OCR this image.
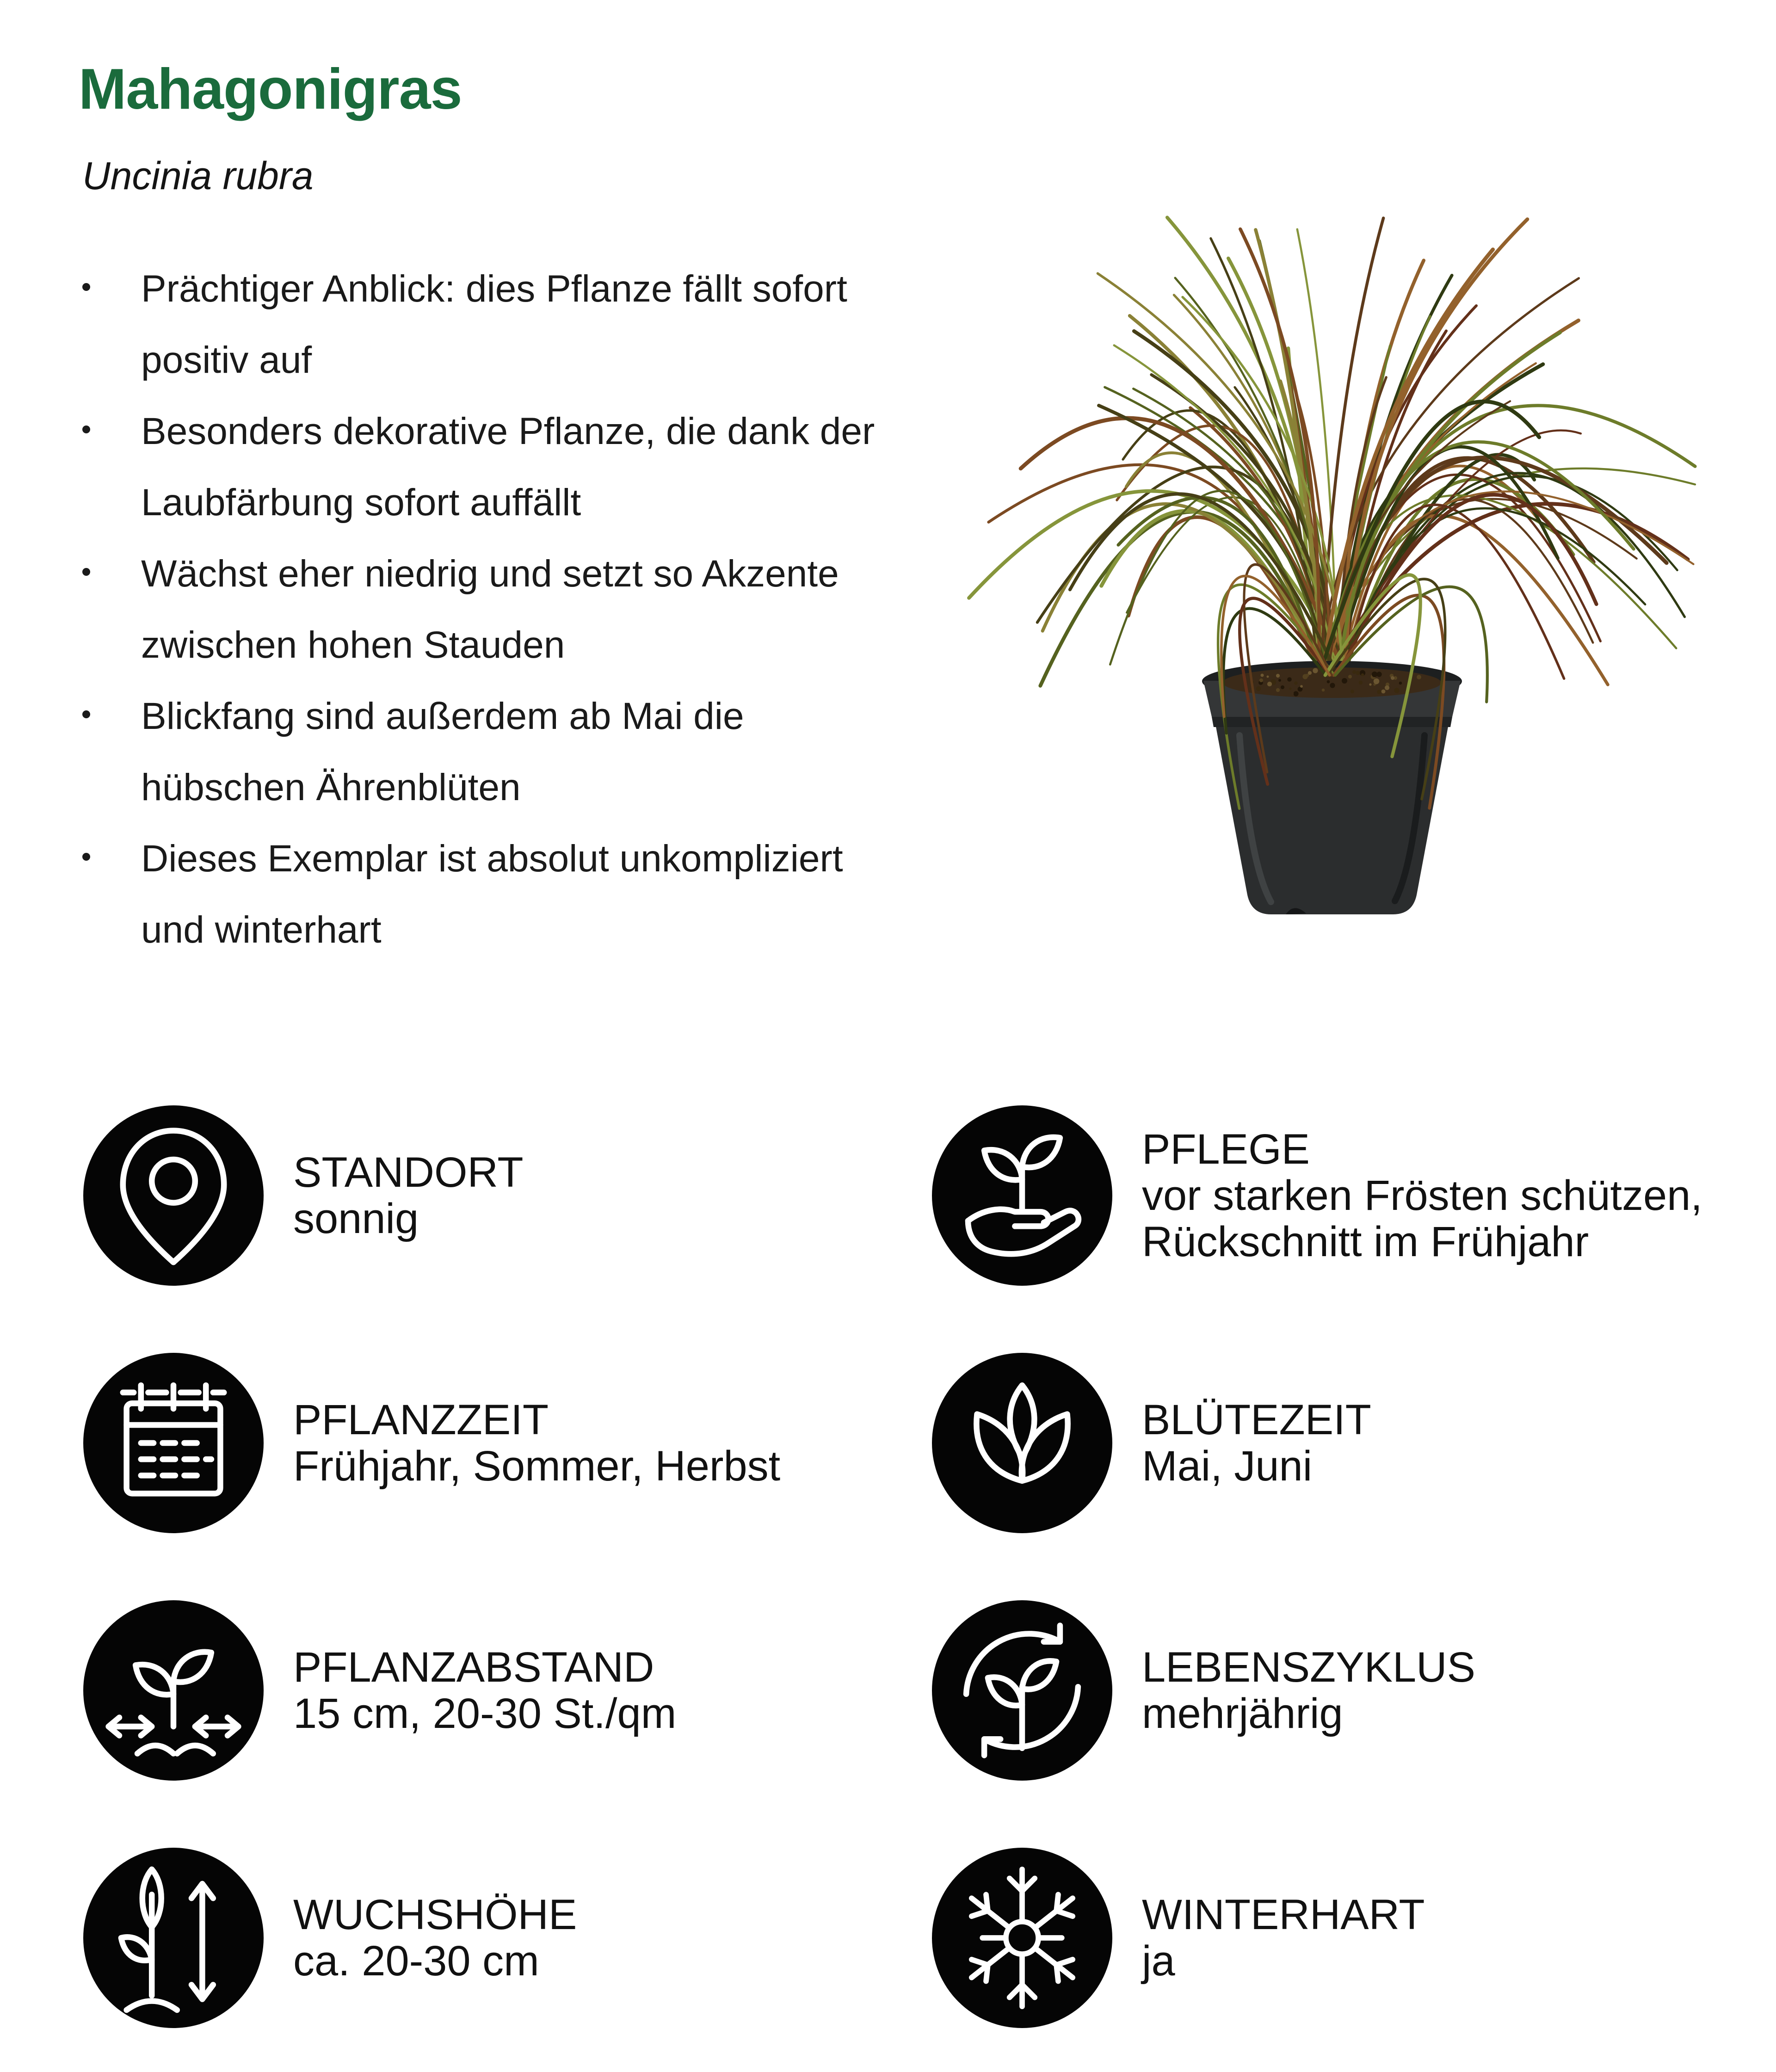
Mahagonigras
Uncinia rubra
Prächtiger Anblick: dies Pflanze fällt sofort
positiv auf
Besonders dekorative Pflanze, die dank der
Laubfärbung sofort auffällt
Wächst eher niedrig und setzt so Akzente
zwischen hohen Stauden
Blickfang sind außerdem ab Mai die
hübschen Ährenblüten
Dieses Exemplar ist absolut unkompliziert
und winterhart
STANDORT
sonnig
PFLEGE
vor starken Frösten schützen,
Rückschnitt im Frühjahr
PFLANZZEIT
Frühjahr, Sommer, Herbst
BLÜTEZEIT
Mai, Juni
PFLANZABSTAND
15 cm, 20-30 St./qm
LEBENSZYKLUS
mehrjährig
WUCHSHÖHE
ca. 20-30 cm
WINTERHART
ja
